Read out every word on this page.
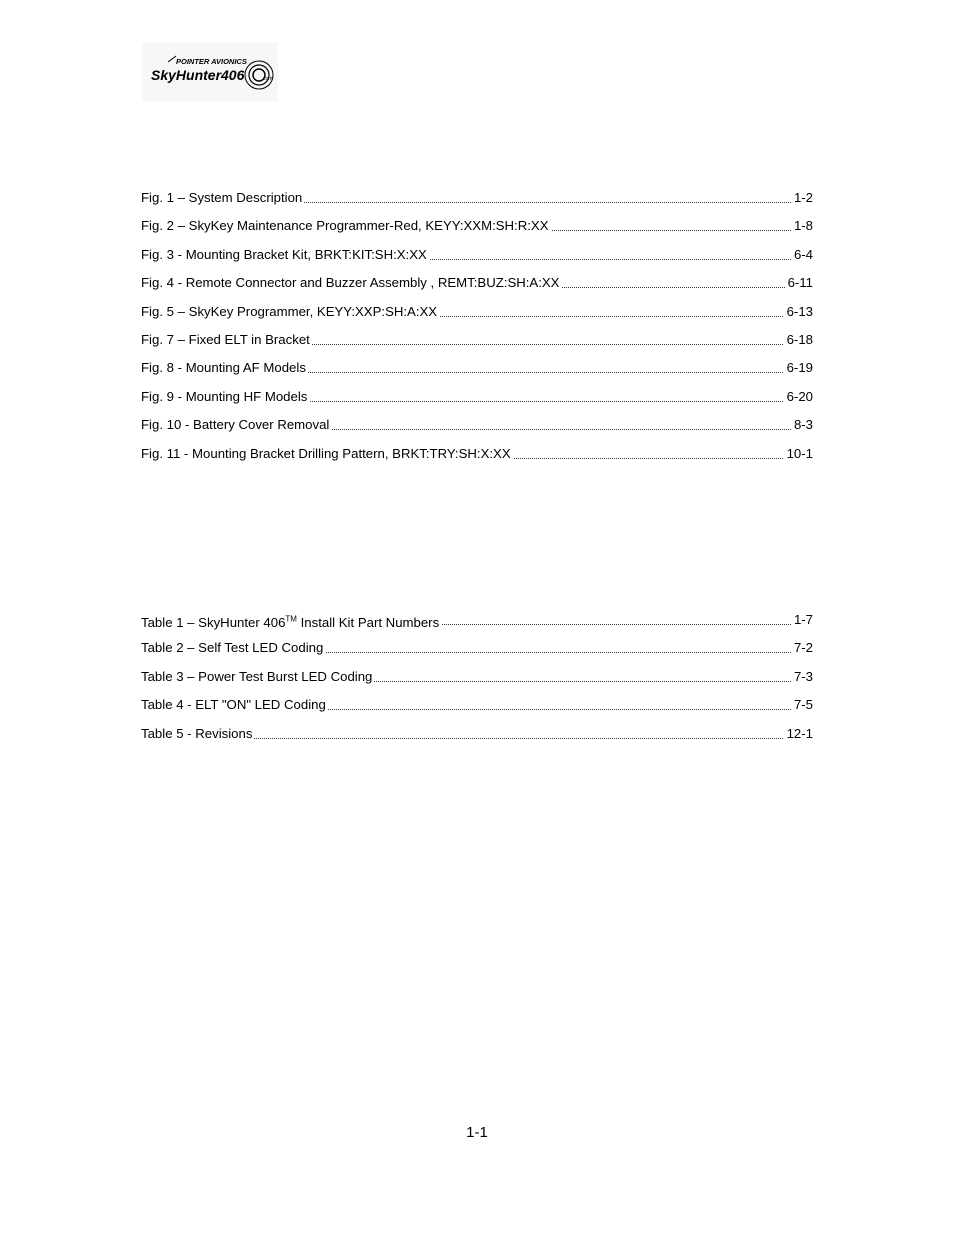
POINTER AVIONICS
SkyHunter406	com
Fig. 1 – System Description	1-2
Fig. 2 – SkyKey Maintenance Programmer-Red, KEYY:XXM:SH:R:XX	1-8
Fig. 3 - Mounting Bracket Kit, BRKT:KIT:SH:X:XX	6-4
Fig. 4 - Remote Connector and Buzzer Assembly , REMT:BUZ:SH:A:XX	6-11
Fig. 5 – SkyKey Programmer, KEYY:XXP:SH:A:XX	6-13
Fig. 7 – Fixed ELT in Bracket	6-18
Fig. 8 - Mounting AF Models	6-19
Fig. 9 - Mounting HF Models	6-20
Fig. 10 - Battery Cover Removal	8-3
Fig. 11 - Mounting Bracket Drilling Pattern, BRKT:TRY:SH:X:XX	10-1
Table 1 – SkyHunter 406™ Install Kit Part Numbers	1-7
Table 2 – Self Test LED Coding	7-2
Table 3 – Power Test Burst LED Coding	7-3
Table 4 - ELT "ON" LED Coding	7-5
Table 5 - Revisions	12-1
1-1
